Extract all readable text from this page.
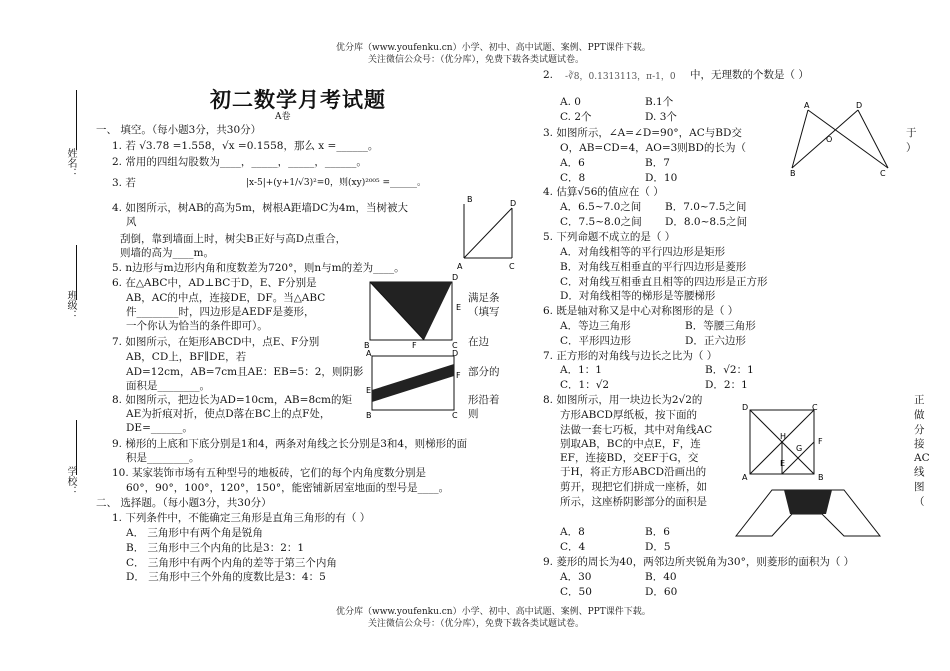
优分库（www.youfenku.cn）小学、初中、高中试题、案例、PPT课件下载。
关注微信公众号：（优分库），免费下载各类试题试卷。
优分库（www.youfenku.cn）小学、初中、高中试题、案例、PPT课件下载。
关注微信公众号：（优分库），免费下载各类试题试卷。
姓名：
班级：
学校：
初二数学月考试题
A卷
一、 填空。（每小题3分，共30分）
1. 若 √3.78 =1.558，√x =0.1558，那么 x =______。
2. 常用的四组勾股数为____，_____，_____，______。
3. 若	|x-5|+(y+1/√3)²=0，则(xy)²⁰⁰⁵ =______。
4. 如图所示，树AB的高为5m，树根A距墙DC为4m，当树被大
风
刮倒，靠到墙面上时，树尖B正好与高D点重合，
则墙的高为____m。
5. n边形与m边形内角和度数差为720°，则n与m的差为____。
6. 在△ABC中，AD⊥BC于D，E、F分别是
AB，AC的中点，连接DE，DF。当△ABC
件________时，四边形是AEDF是菱形，
一个你认为恰当的条件即可）。
7. 如图所示，在矩形ABCD中，点E、F分别
AB，CD上，BF∥DE，若
AD=12cm，AB=7cm且AE：EB=5：2，则阴影
面积是________。
8. 如图所示，把边长为AD=10cm，AB=8cm的矩
AE为折痕对折，使点D落在BC上的点F处，
DE=______。
9. 梯形的上底和下底分别是1和4，两条对角线之长分别是3和4，则梯形的面
积是________。
10. 某家装饰市场有五种型号的地板砖，它们的每个内角度数分别是
60°，90°，100°，120°，150°，能密铺新居室地面的型号是____。
二、 选择题。（每小题3分，共30分）
1. 下列条件中，不能确定三角形是直角三角形的有（ ）
A． 三角形中有两个角是锐角
B． 三角形中三个内角的比是3：2：1
C． 三角形中有两个内角的差等于第三个内角
D． 三角形中三个外角的度数比是3：4：5
满足条
（填写
在边
部分的
形沿着
则
B	D
A	C
D
B	F	C
E
A	D
E
F
B	C
2. -∛8，0.1313113，π-1，0 中，无理数的个数是（ ）
A. 0	B.1个
C. 2个	D. 3个
3. 如图所示，∠A=∠D=90°，AC与BD交	于
O，AB=CD=4，AO=3则BD的长为（	）
A．6	B．7
C．8	D．10
4. 估算√56的值应在（ ）
A．6.5~7.0之间 B．7.0~7.5之间
C．7.5~8.0之间 D．8.0~8.5之间
5. 下列命题不成立的是（ ）
A．对角线相等的平行四边形是矩形
B．对角线互相垂直的平行四边形是菱形
C．对角线互相垂直且相等的四边形是正方形
D．对角线相等的梯形是等腰梯形
6. 既是轴对称又是中心对称图形的是（ ）
A．等边三角形	B．等腰三角形
C．平形四边形	D．正六边形
7. 正方形的对角线与边长之比为（ ）
A．1：1	B．√2：1
C．1：√2	D．2：1
8. 如图所示，用一块边长为2√2的
方形ABCD厚纸板，按下面的
法做一套七巧板，其中对角线AC
别取AB，BC的中点E，F，连
EF，连接BD，交EF于G，交
于H，将正方形ABCD沿画出的
剪开，现把它们拼成一座桥，如
所示，这座桥阴影部分的面积是
A．8	B．6
C．4	D．5
9. 菱形的周长为40，两邻边所夹锐角为30°，则菱形的面积为（ ）
A．30	B．40
C．50	D．60
正
做
分
接
AC
线
图
（
A	D
O
B	C
D	C
H
G
F
E
A	B
